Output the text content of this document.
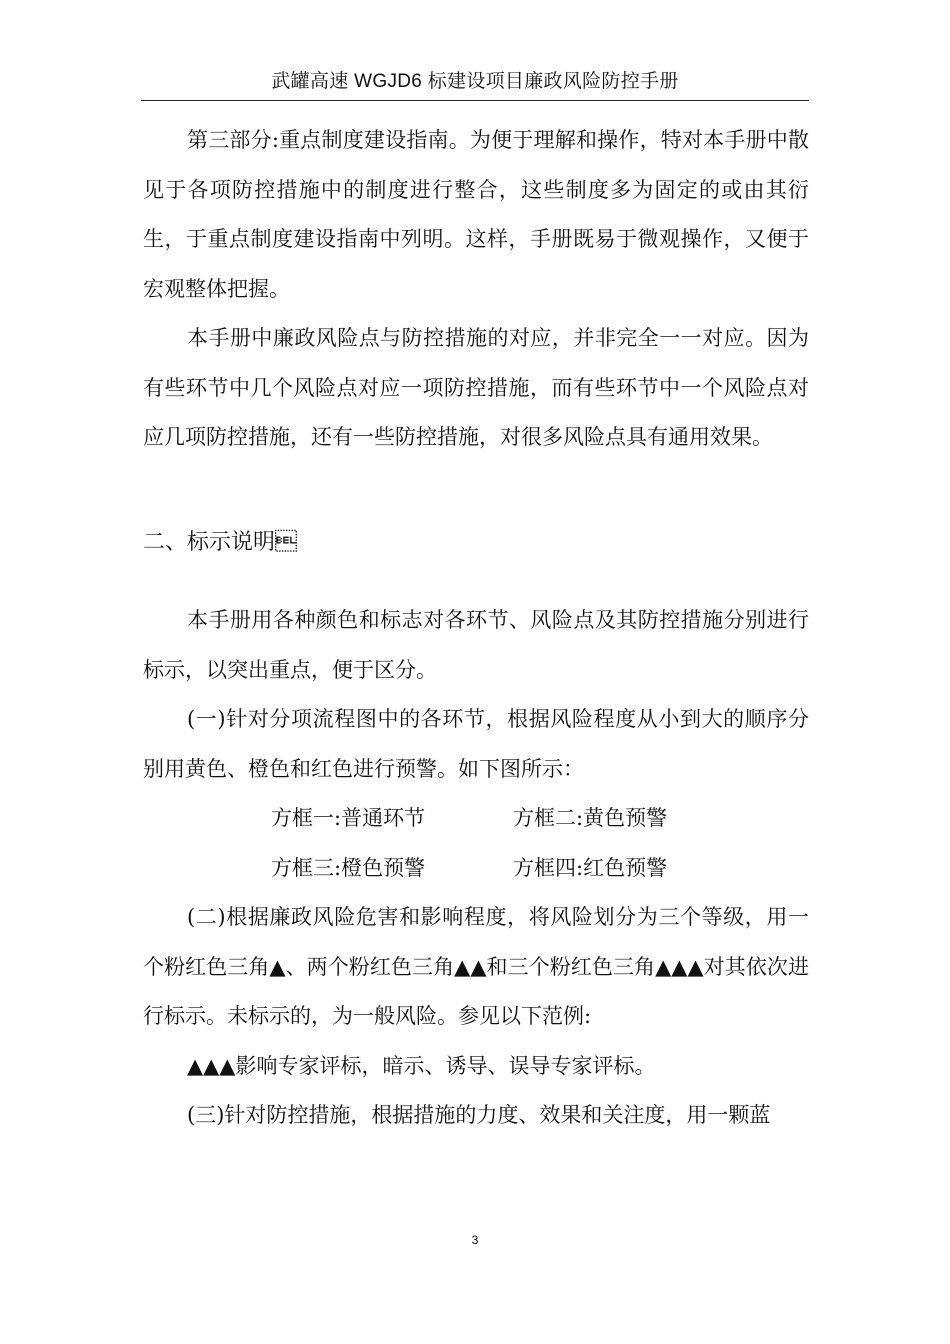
武罐高速 WGJD6 标建设项目廉政风险防控手册

第三部分:重点制度建设指南。为便于理解和操作，特对本手册中散见于各项防控措施中的制度进行整合，这些制度多为固定的或由其衍生，于重点制度建设指南中列明。这样，手册既易于微观操作，又便于宏观整体把握。

本手册中廉政风险点与防控措施的对应，并非完全一一对应。因为有些环节中几个风险点对应一项防控措施，而有些环节中一个风险点对应几项防控措施，还有一些防控措施，对很多风险点具有通用效果。

二、标示说明

本手册用各种颜色和标志对各环节、风险点及其防控措施分别进行标示，以突出重点，便于区分。

(一)针对分项流程图中的各环节，根据风险程度从小到大的顺序分别用黄色、橙色和红色进行预警。如下图所示：

方框一:普通环节	方框二:黄色预警
方框三:橙色预警	方框四:红色预警

(二)根据廉政风险危害和影响程度，将风险划分为三个等级，用一个粉红色三角▲、两个粉红色三角▲▲和三个粉红色三角▲▲▲对其依次进行标示。未标示的，为一般风险。参见以下范例:

▲▲▲影响专家评标，暗示、诱导、误导专家评标。

(三)针对防控措施，根据措施的力度、效果和关注度，用一颗蓝

3
